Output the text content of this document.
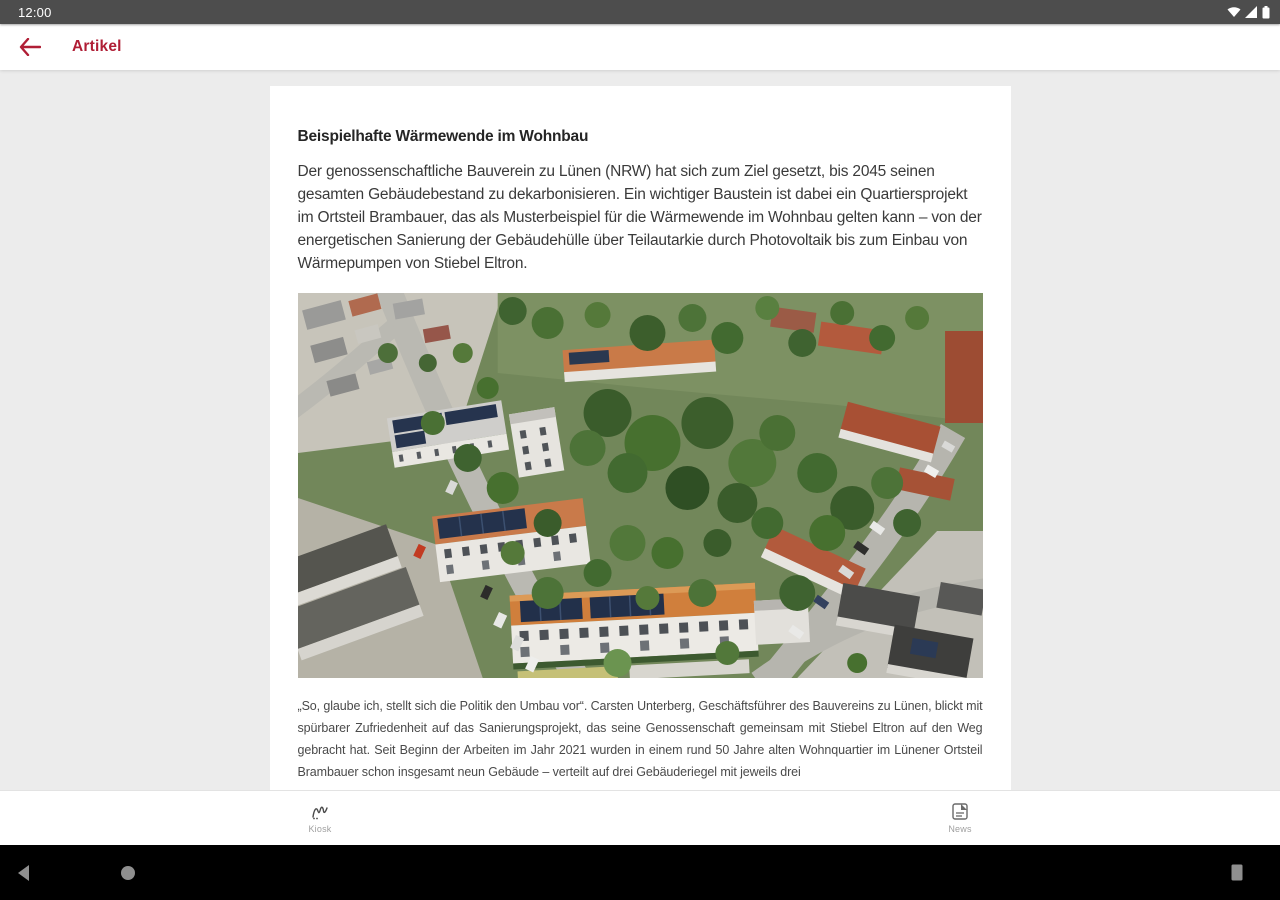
12:00
Artikel
Beispielhafte Wärmewende im Wohnbau

Der genossenschaftliche Bauverein zu Lünen (NRW) hat sich zum Ziel gesetzt, bis 2045 seinen gesamten Gebäudebestand zu dekarbonisieren. Ein wichtiger Baustein ist dabei ein Quartiersprojekt im Ortsteil Brambauer, das als Musterbeispiel für die Wärmewende im Wohnbau gelten kann – von der energetischen Sanierung der Gebäudehülle über Teilautarkie durch Photovoltaik bis zum Einbau von Wärmepumpen von Stiebel Eltron.

„So, glaube ich, stellt sich die Politik den Umbau vor“. Carsten Unterberg, Geschäftsführer des Bauvereins zu Lünen, blickt mit spürbarer Zufriedenheit auf das Sanierungsprojekt, das seine Genossenschaft gemeinsam mit Stiebel Eltron auf den Weg gebracht hat. Seit Beginn der Arbeiten im Jahr 2021 wurden in einem rund 50 Jahre alten Wohnquartier im Lünener Ortsteil Brambauer schon insgesamt neun Gebäude – verteilt auf drei Gebäuderiegel mit jeweils drei

Kiosk	News
